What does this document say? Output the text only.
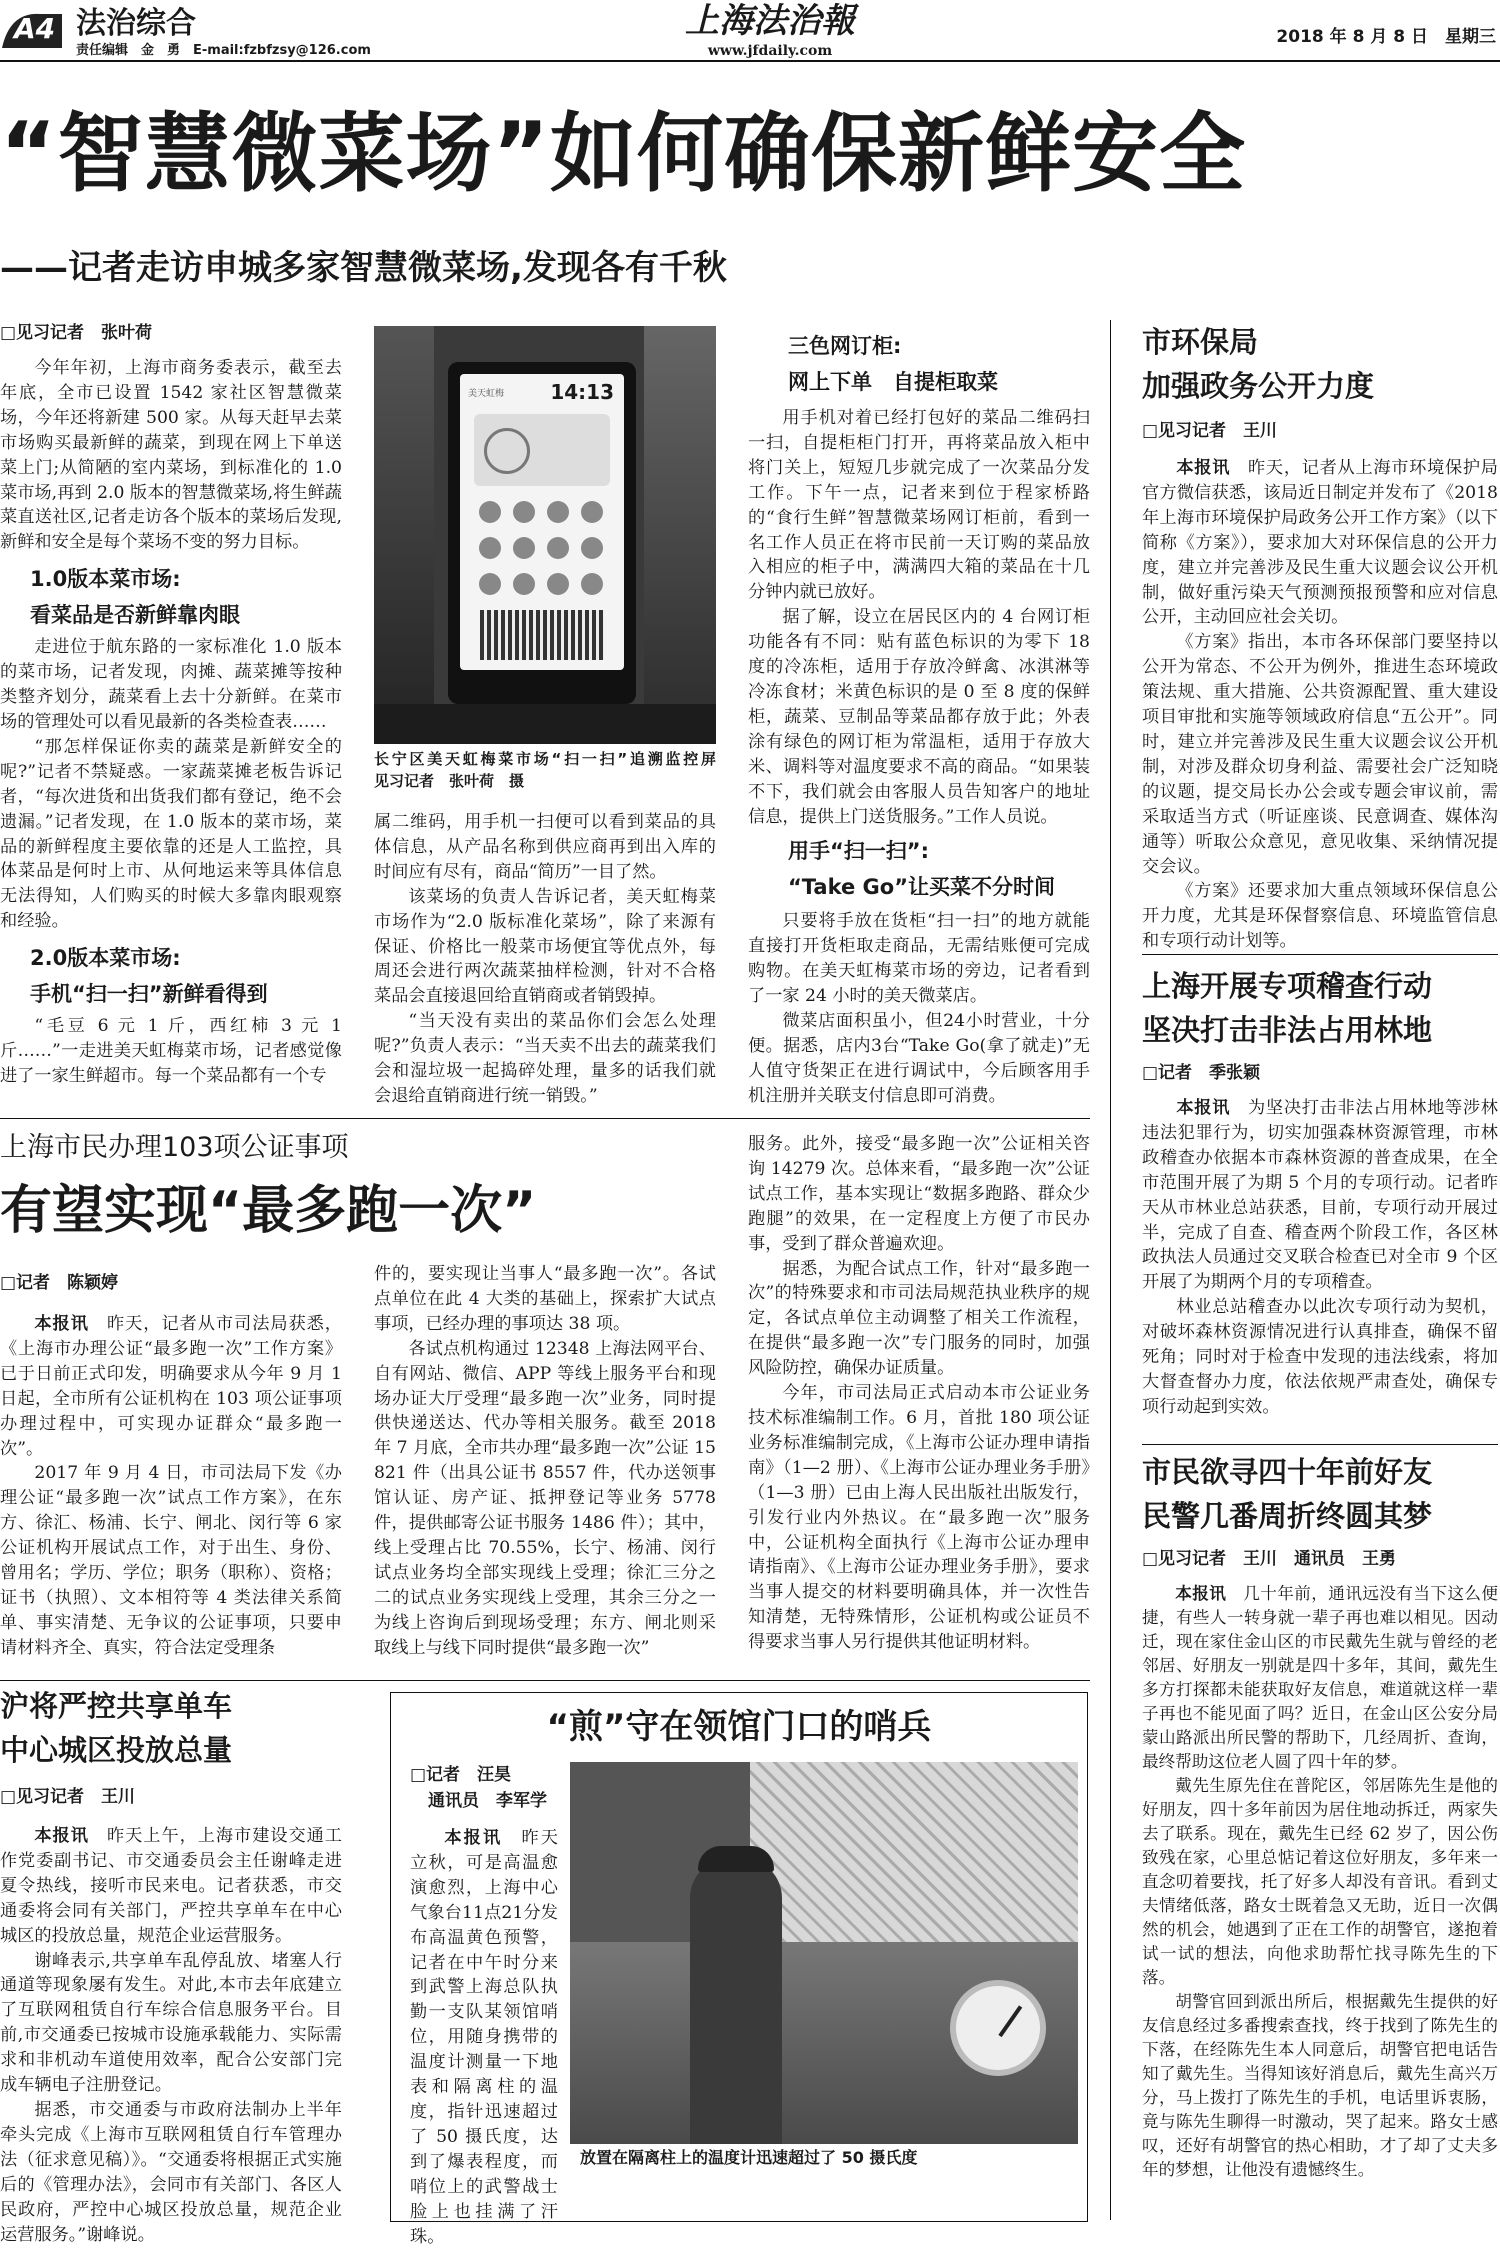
A4 法治综合
责任编辑　金　勇　E-mail:fzbfzsy@126.com
上海法治報
www.jfdaily.com
2018 年 8 月 8 日　星期三
“智慧微菜场”如何确保新鲜安全
——记者走访申城多家智慧微菜场,发现各有千秋
□见习记者　张叶荷

今年年初，上海市商务委表示，截至去年底，全市已设置 1542 家社区智慧微菜场，今年还将新建 500 家。从每天赶早去菜市场购买最新鲜的蔬菜，到现在网上下单送菜上门;从简陋的室内菜场，到标准化的 1.0 菜市场,再到 2.0 版本的智慧微菜场,将生鲜蔬菜直送社区,记者走访各个版本的菜场后发现,新鲜和安全是每个菜场不变的努力目标。

1.0版本菜市场:
看菜品是否新鲜靠肉眼

走进位于航东路的一家标准化 1.0 版本的菜市场，记者发现，肉摊、蔬菜摊等按种类整齐划分，蔬菜看上去十分新鲜。在菜市场的管理处可以看见最新的各类检查表……

“那怎样保证你卖的蔬菜是新鲜安全的呢?”记者不禁疑惑。一家蔬菜摊老板告诉记者，“每次进货和出货我们都有登记，绝不会遗漏。”记者发现，在 1.0 版本的菜市场，菜品的新鲜程度主要依靠的还是人工监控，具体菜品是何时上市、从何地运来等具体信息无法得知，人们购买的时候大多靠肉眼观察和经验。

2.0版本菜市场:
手机“扫一扫”新鲜看得到

“毛豆 6 元 1 斤，西红柿 3 元 1 斤……”一走进美天虹梅菜市场，记者感觉像进了一家生鲜超市。每一个菜品都有一个专

14:13
美天虹梅
长宁区美天虹梅菜市场“扫一扫”追溯监控屏　　　　见习记者　张叶荷　摄

属二维码，用手机一扫便可以看到菜品的具体信息，从产品名称到供应商再到出入库的时间应有尽有，商品“简历”一目了然。

该菜场的负责人告诉记者，美天虹梅菜市场作为“2.0 版标准化菜场”，除了来源有保证、价格比一般菜市场便宜等优点外，每周还会进行两次蔬菜抽样检测，针对不合格菜品会直接退回给直销商或者销毁掉。

“当天没有卖出的菜品你们会怎么处理呢?”负责人表示：“当天卖不出去的蔬菜我们会和湿垃圾一起捣碎处理，量多的话我们就会退给直销商进行统一销毁。”

三色网订柜:
网上下单　自提柜取菜

用手机对着已经打包好的菜品二维码扫一扫，自提柜柜门打开，再将菜品放入柜中将门关上，短短几步就完成了一次菜品分发工作。下午一点，记者来到位于程家桥路的“食行生鲜”智慧微菜场网订柜前，看到一名工作人员正在将市民前一天订购的菜品放入相应的柜子中，满满四大箱的菜品在十几分钟内就已放好。

据了解，设立在居民区内的 4 台网订柜功能各有不同：贴有蓝色标识的为零下 18 度的冷冻柜，适用于存放冷鲜禽、冰淇淋等冷冻食材；米黄色标识的是 0 至 8 度的保鲜柜，蔬菜、豆制品等菜品都存放于此；外表涂有绿色的网订柜为常温柜，适用于存放大米、调料等对温度要求不高的商品。“如果装不下，我们就会由客服人员告知客户的地址信息，提供上门送货服务。”工作人员说。

用手“扫一扫”:
“Take Go”让买菜不分时间

只要将手放在货柜“扫一扫”的地方就能直接打开货柜取走商品，无需结账便可完成购物。在美天虹梅菜市场的旁边，记者看到了一家 24 小时的美天微菜店。

微菜店面积虽小，但24小时营业，十分便。据悉，店内3台“Take Go(拿了就走)”无人值守货架正在进行调试中，今后顾客用手机注册并关联支付信息即可消费。

上海市民办理103项公证事项
有望实现“最多跑一次”
□记者　陈颖婷

本报讯　昨天，记者从市司法局获悉，《上海市办理公证“最多跑一次”工作方案》已于日前正式印发，明确要求从今年 9 月 1 日起，全市所有公证机构在 103 项公证事项办理过程中，可实现办证群众“最多跑一次”。

2017 年 9 月 4 日，市司法局下发《办理公证“最多跑一次”试点工作方案》，在东方、徐汇、杨浦、长宁、闸北、闵行等 6 家公证机构开展试点工作，对于出生、身份、曾用名；学历、学位；职务（职称）、资格；证书（执照）、文本相符等 4 类法律关系简单、事实清楚、无争议的公证事项，只要申请材料齐全、真实，符合法定受理条

件的，要实现让当事人“最多跑一次”。各试点单位在此 4 大类的基础上，探索扩大试点事项，已经办理的事项达 38 项。

各试点机构通过 12348 上海法网平台、自有网站、微信、APP 等线上服务平台和现场办证大厅受理“最多跑一次”业务，同时提供快递送达、代办等相关服务。截至 2018 年 7 月底，全市共办理“最多跑一次”公证 15821 件（出具公证书 8557 件，代办送领事馆认证、房产证、抵押登记等业务 5778 件，提供邮寄公证书服务 1486 件）；其中，线上受理占比 70.55%，长宁、杨浦、闵行试点业务均全部实现线上受理；徐汇三分之二的试点业务实现线上受理，其余三分之一为线上咨询后到现场受理；东方、闸北则采取线上与线下同时提供“最多跑一次”

服务。此外，接受“最多跑一次”公证相关咨询 14279 次。总体来看，“最多跑一次”公证试点工作，基本实现让“数据多跑路、群众少跑腿”的效果，在一定程度上方便了市民办事，受到了群众普遍欢迎。

据悉，为配合试点工作，针对“最多跑一次”的特殊要求和市司法局规范执业秩序的规定，各试点单位主动调整了相关工作流程，在提供“最多跑一次”专门服务的同时，加强风险防控，确保办证质量。

今年，市司法局正式启动本市公证业务技术标准编制工作。6 月，首批 180 项公证业务标准编制完成，《上海市公证办理申请指南》（1—2 册）、《上海市公证办理业务手册》（1—3 册）已由上海人民出版社出版发行，引发行业内外热议。在“最多跑一次”服务中，公证机构全面执行《上海市公证办理申请指南》、《上海市公证办理业务手册》，要求当事人提交的材料要明确具体，并一次性告知清楚，无特殊情形，公证机构或公证员不得要求当事人另行提供其他证明材料。

沪将严控共享单车
中心城区投放总量
□见习记者　王川

本报讯　昨天上午，上海市建设交通工作党委副书记、市交通委员会主任谢峰走进夏令热线，接听市民来电。记者获悉，市交通委将会同有关部门，严控共享单车在中心城区的投放总量，规范企业运营服务。

谢峰表示,共享单车乱停乱放、堵塞人行通道等现象屡有发生。对此,本市去年底建立了互联网租赁自行车综合信息服务平台。目前,市交通委已按城市设施承载能力、实际需求和非机动车道使用效率，配合公安部门完成车辆电子注册登记。

据悉，市交通委与市政府法制办上半年牵头完成《上海市互联网租赁自行车管理办法（征求意见稿）》。“交通委将根据正式实施后的《管理办法》，会同市有关部门、各区人民政府，严控中心城区投放总量，规范企业运营服务。”谢峰说。

“煎”守在领馆门口的哨兵
□记者　汪昊
通讯员　李军学

本报讯　昨天立秋，可是高温愈演愈烈，上海中心气象台11点21分发布高温黄色预警，记者在中午时分来到武警上海总队执勤一支队某领馆哨位，用随身携带的温度计测量一下地表和隔离柱的温度，指针迅速超过了 50 摄氏度，达到了爆表程度，而哨位上的武警战士脸上也挂满了汗珠。

放置在隔离柱上的温度计迅速超过了 50 摄氏度
市环保局
加强政务公开力度
□见习记者　王川

本报讯　昨天，记者从上海市环境保护局官方微信获悉，该局近日制定并发布了《2018 年上海市环境保护局政务公开工作方案》（以下简称《方案》），要求加大对环保信息的公开力度，建立并完善涉及民生重大议题会议公开机制，做好重污染天气预测预报预警和应对信息公开，主动回应社会关切。

《方案》指出，本市各环保部门要坚持以公开为常态、不公开为例外，推进生态环境政策法规、重大措施、公共资源配置、重大建设项目审批和实施等领域政府信息“五公开”。同时，建立并完善涉及民生重大议题会议公开机制，对涉及群众切身利益、需要社会广泛知晓的议题，提交局长办公会或专题会审议前，需采取适当方式（听证座谈、民意调查、媒体沟通等）听取公众意见，意见收集、采纳情况提交会议。

《方案》还要求加大重点领域环保信息公开力度，尤其是环保督察信息、环境监管信息和专项行动计划等。

上海开展专项稽查行动
坚决打击非法占用林地
□记者　季张颖

本报讯　为坚决打击非法占用林地等涉林违法犯罪行为，切实加强森林资源管理，市林政稽查办依据本市森林资源的普查成果，在全市范围开展了为期 5 个月的专项行动。记者昨天从市林业总站获悉，目前，专项行动开展过半，完成了自查、稽查两个阶段工作，各区林政执法人员通过交叉联合检查已对全市 9 个区开展了为期两个月的专项稽查。

林业总站稽查办以此次专项行动为契机，对破坏森林资源情况进行认真排查，确保不留死角；同时对于检查中发现的违法线索，将加大督查督办力度，依法依规严肃查处，确保专项行动起到实效。

市民欲寻四十年前好友
民警几番周折终圆其梦
□见习记者　王川　通讯员　王勇

本报讯　几十年前，通讯远没有当下这么便捷，有些人一转身就一辈子再也难以相见。因动迁，现在家住金山区的市民戴先生就与曾经的老邻居、好朋友一别就是四十多年，其间，戴先生多方打探都未能获取好友信息，难道就这样一辈子再也不能见面了吗？近日，在金山区公安分局蒙山路派出所民警的帮助下，几经周折、查询，最终帮助这位老人圆了四十年的梦。

戴先生原先住在普陀区，邻居陈先生是他的好朋友，四十多年前因为居住地动拆迁，两家失去了联系。现在，戴先生已经 62 岁了，因公伤致残在家，心里总惦记着这位好朋友，多年来一直念叨着要找，托了好多人却没有音讯。看到丈夫情绪低落，路女士既着急又无助，近日一次偶然的机会，她遇到了正在工作的胡警官，遂抱着试一试的想法，向他求助帮忙找寻陈先生的下落。

胡警官回到派出所后，根据戴先生提供的好友信息经过多番搜索查找，终于找到了陈先生的下落，在经陈先生本人同意后，胡警官把电话告知了戴先生。当得知该好消息后，戴先生高兴万分，马上拨打了陈先生的手机，电话里诉衷肠，竟与陈先生聊得一时激动，哭了起来。路女士感叹，还好有胡警官的热心相助，才了却了丈夫多年的梦想，让他没有遗憾终生。
